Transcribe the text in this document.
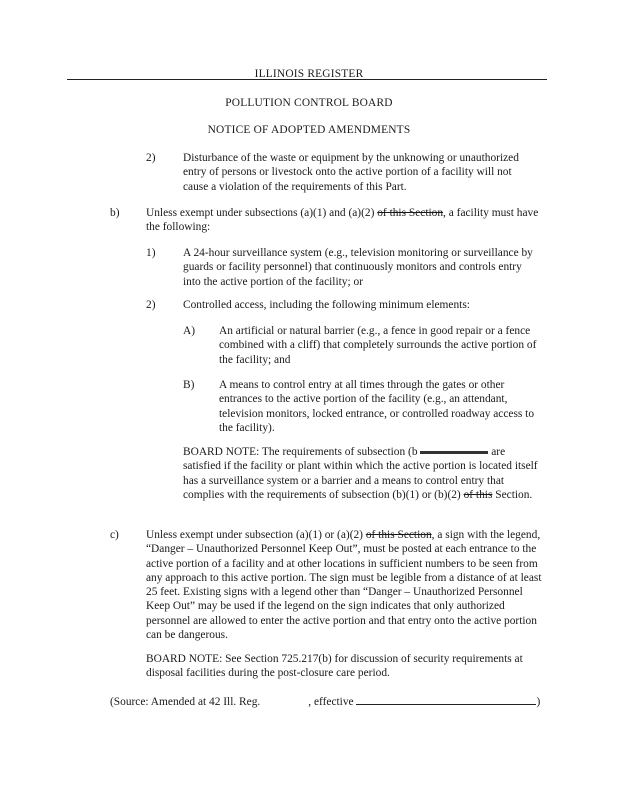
ILLINOIS REGISTER
POLLUTION CONTROL BOARD
NOTICE OF ADOPTED AMENDMENTS
2) Disturbance of the waste or equipment by the unknowing or unauthorized entry of persons or livestock onto the active portion of a facility will not cause a violation of the requirements of this Part.

b) Unless exempt under subsections (a)(1) and (a)(2) of this Section, a facility must have the following:

1) A 24-hour surveillance system (e.g., television monitoring or surveillance by guards or facility personnel) that continuously monitors and controls entry into the active portion of the facility; or

2) Controlled access, including the following minimum elements:

A) An artificial or natural barrier (e.g., a fence in good repair or a fence combined with a cliff) that completely surrounds the active portion of the facility; and

B) A means to control entry at all times through the gates or other entrances to the active portion of the facility (e.g., an attendant, television monitors, locked entrance, or controlled roadway access to the facility).

BOARD NOTE: The requirements of subsection (b	are satisfied if the facility or plant within which the active portion is located itself has a surveillance system or a barrier and a means to control entry that complies with the requirements of subsection (b)(1) or (b)(2) of this Section.

c) Unless exempt under subsection (a)(1) or (a)(2) of this Section, a sign with the legend, “Danger – Unauthorized Personnel Keep Out”, must be posted at each entrance to the active portion of a facility and at other locations in sufficient numbers to be seen from any approach to this active portion. The sign must be legible from a distance of at least 25 feet. Existing signs with a legend other than “Danger – Unauthorized Personnel Keep Out” may be used if the legend on the sign indicates that only authorized personnel are allowed to enter the active portion and that entry onto the active portion can be dangerous.

BOARD NOTE: See Section 725.217(b) for discussion of security requirements at disposal facilities during the post-closure care period.

(Source: Amended at 42 Ill. Reg.	, effective	)
